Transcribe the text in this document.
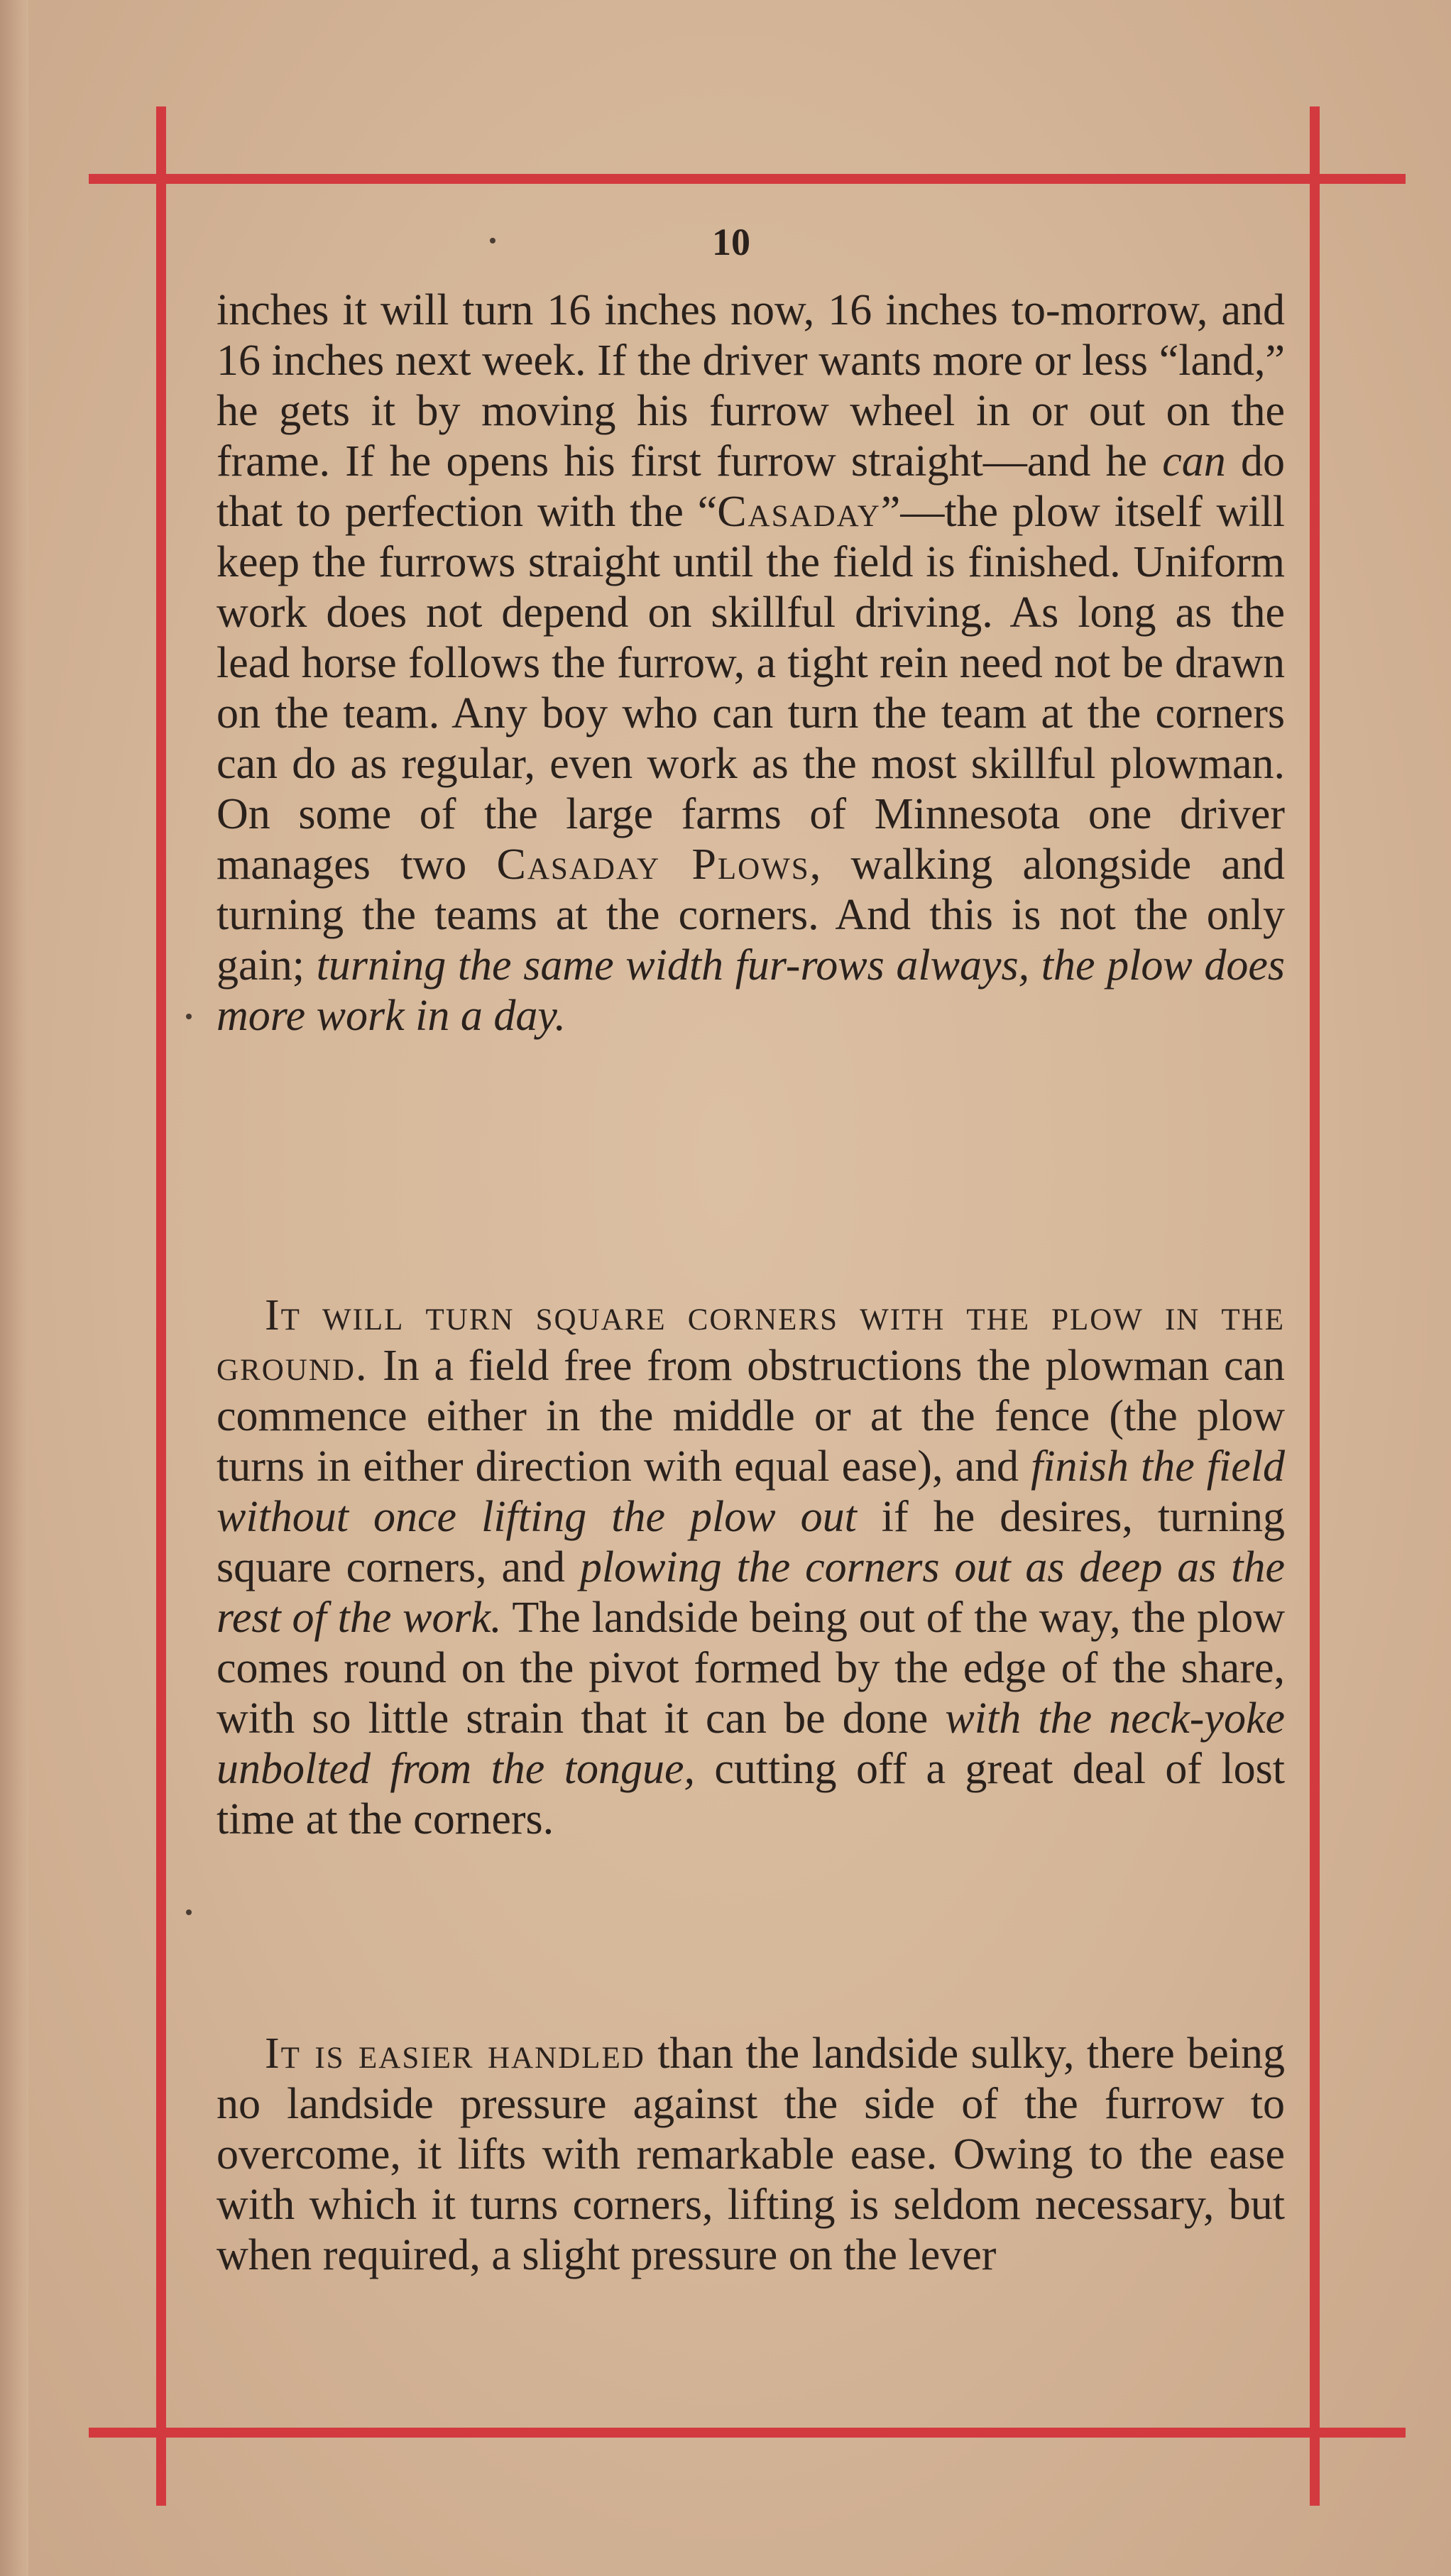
10

inches it will turn 16 inches now, 16 inches to-morrow, and 16 inches next week. If the driver wants more or less “land,” he gets it by moving his furrow wheel in or out on the frame. If he opens his first furrow straight—and he can do that to perfection with the “Casaday”—the plow itself will keep the furrows straight until the field is finished. Uniform work does not depend on skillful driving. As long as the lead horse follows the furrow, a tight rein need not be drawn on the team. Any boy who can turn the team at the corners can do as regular, even work as the most skillful plowman. On some of the large farms of Minnesota one driver manages two Casaday Plows, walking alongside and turning the teams at the corners. And this is not the only gain; turning the same width fur-rows always, the plow does more work in a day.

It will turn square corners with the plow in the ground. In a field free from obstructions the plowman can commence either in the middle or at the fence (the plow turns in either direction with equal ease), and finish the field without once lifting the plow out if he desires, turning square corners, and plowing the corners out as deep as the rest of the work. The landside being out of the way, the plow comes round on the pivot formed by the edge of the share, with so little strain that it can be done with the neck-yoke unbolted from the tongue, cutting off a great deal of lost time at the corners.

It is easier handled than the landside sulky, there being no landside pressure against the side of the furrow to overcome, it lifts with remarkable ease. Owing to the ease with which it turns corners, lifting is seldom necessary, but when required, a slight pressure on the lever
